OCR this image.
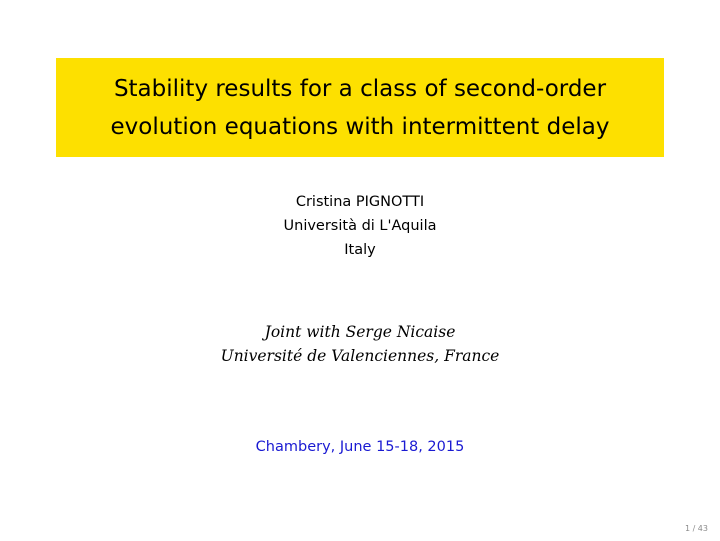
Stability results for a class of second-order
evolution equations with intermittent delay
Cristina PIGNOTTI
Università di L'Aquila
Italy
Joint with Serge Nicaise
Université de Valenciennes, France
Chambery, June 15-18, 2015
1 / 43
